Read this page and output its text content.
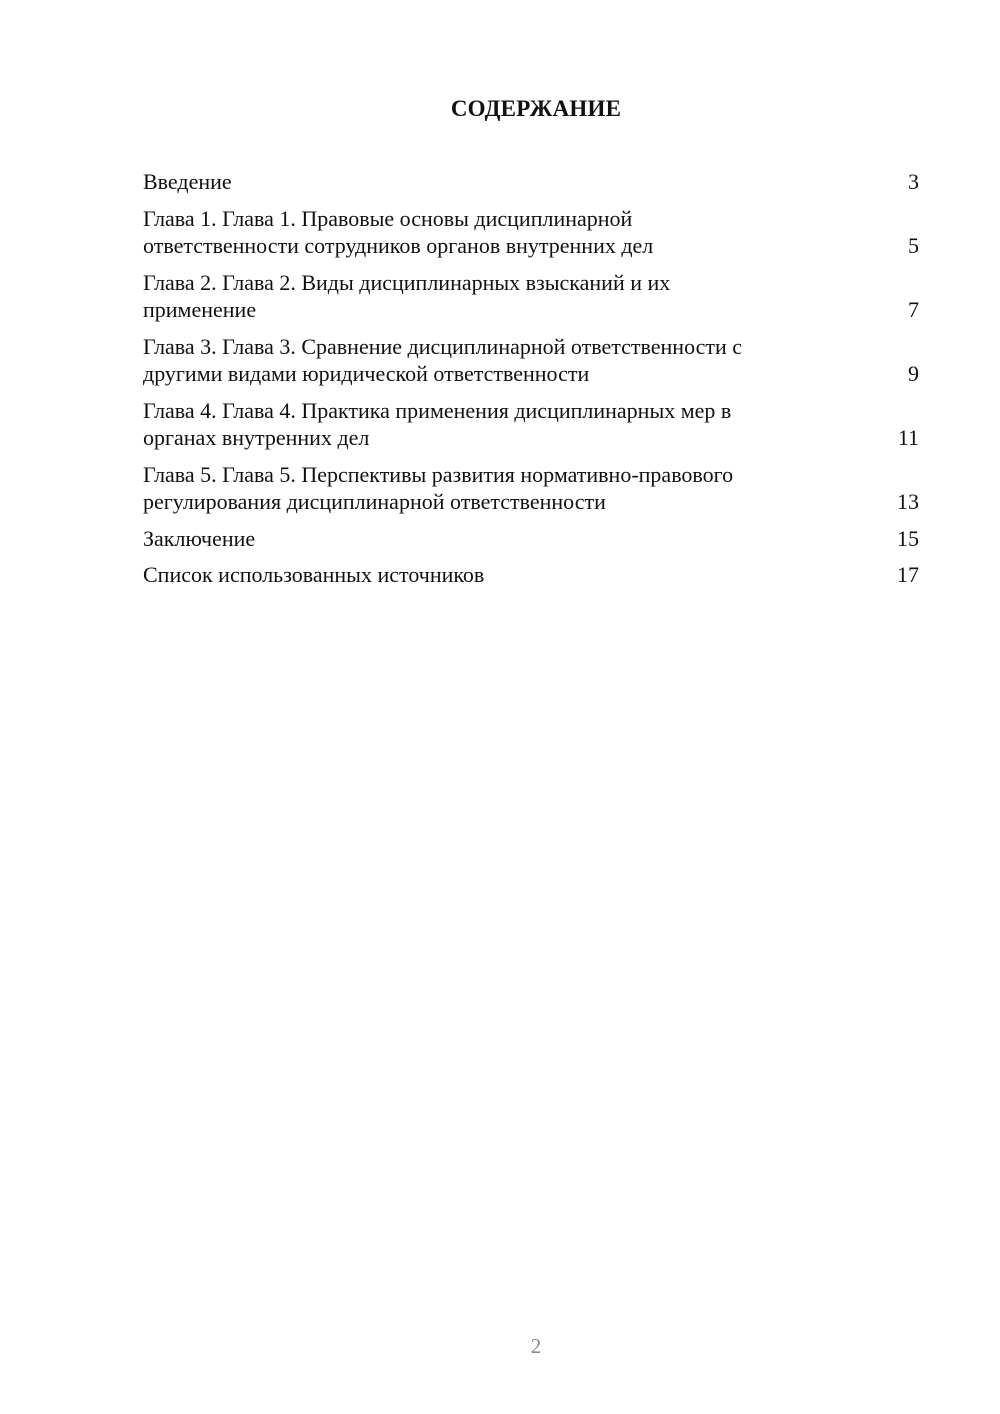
СОДЕРЖАНИЕ
Введение	3
Глава 1. Глава 1. Правовые основы дисциплинарной
ответственности сотрудников органов внутренних дел	5
Глава 2. Глава 2. Виды дисциплинарных взысканий и их
применение	7
Глава 3. Глава 3. Сравнение дисциплинарной ответственности с
другими видами юридической ответственности	9
Глава 4. Глава 4. Практика применения дисциплинарных мер в
органах внутренних дел	11
Глава 5. Глава 5. Перспективы развития нормативно-правового
регулирования дисциплинарной ответственности	13
Заключение	15
Список использованных источников	17
2
